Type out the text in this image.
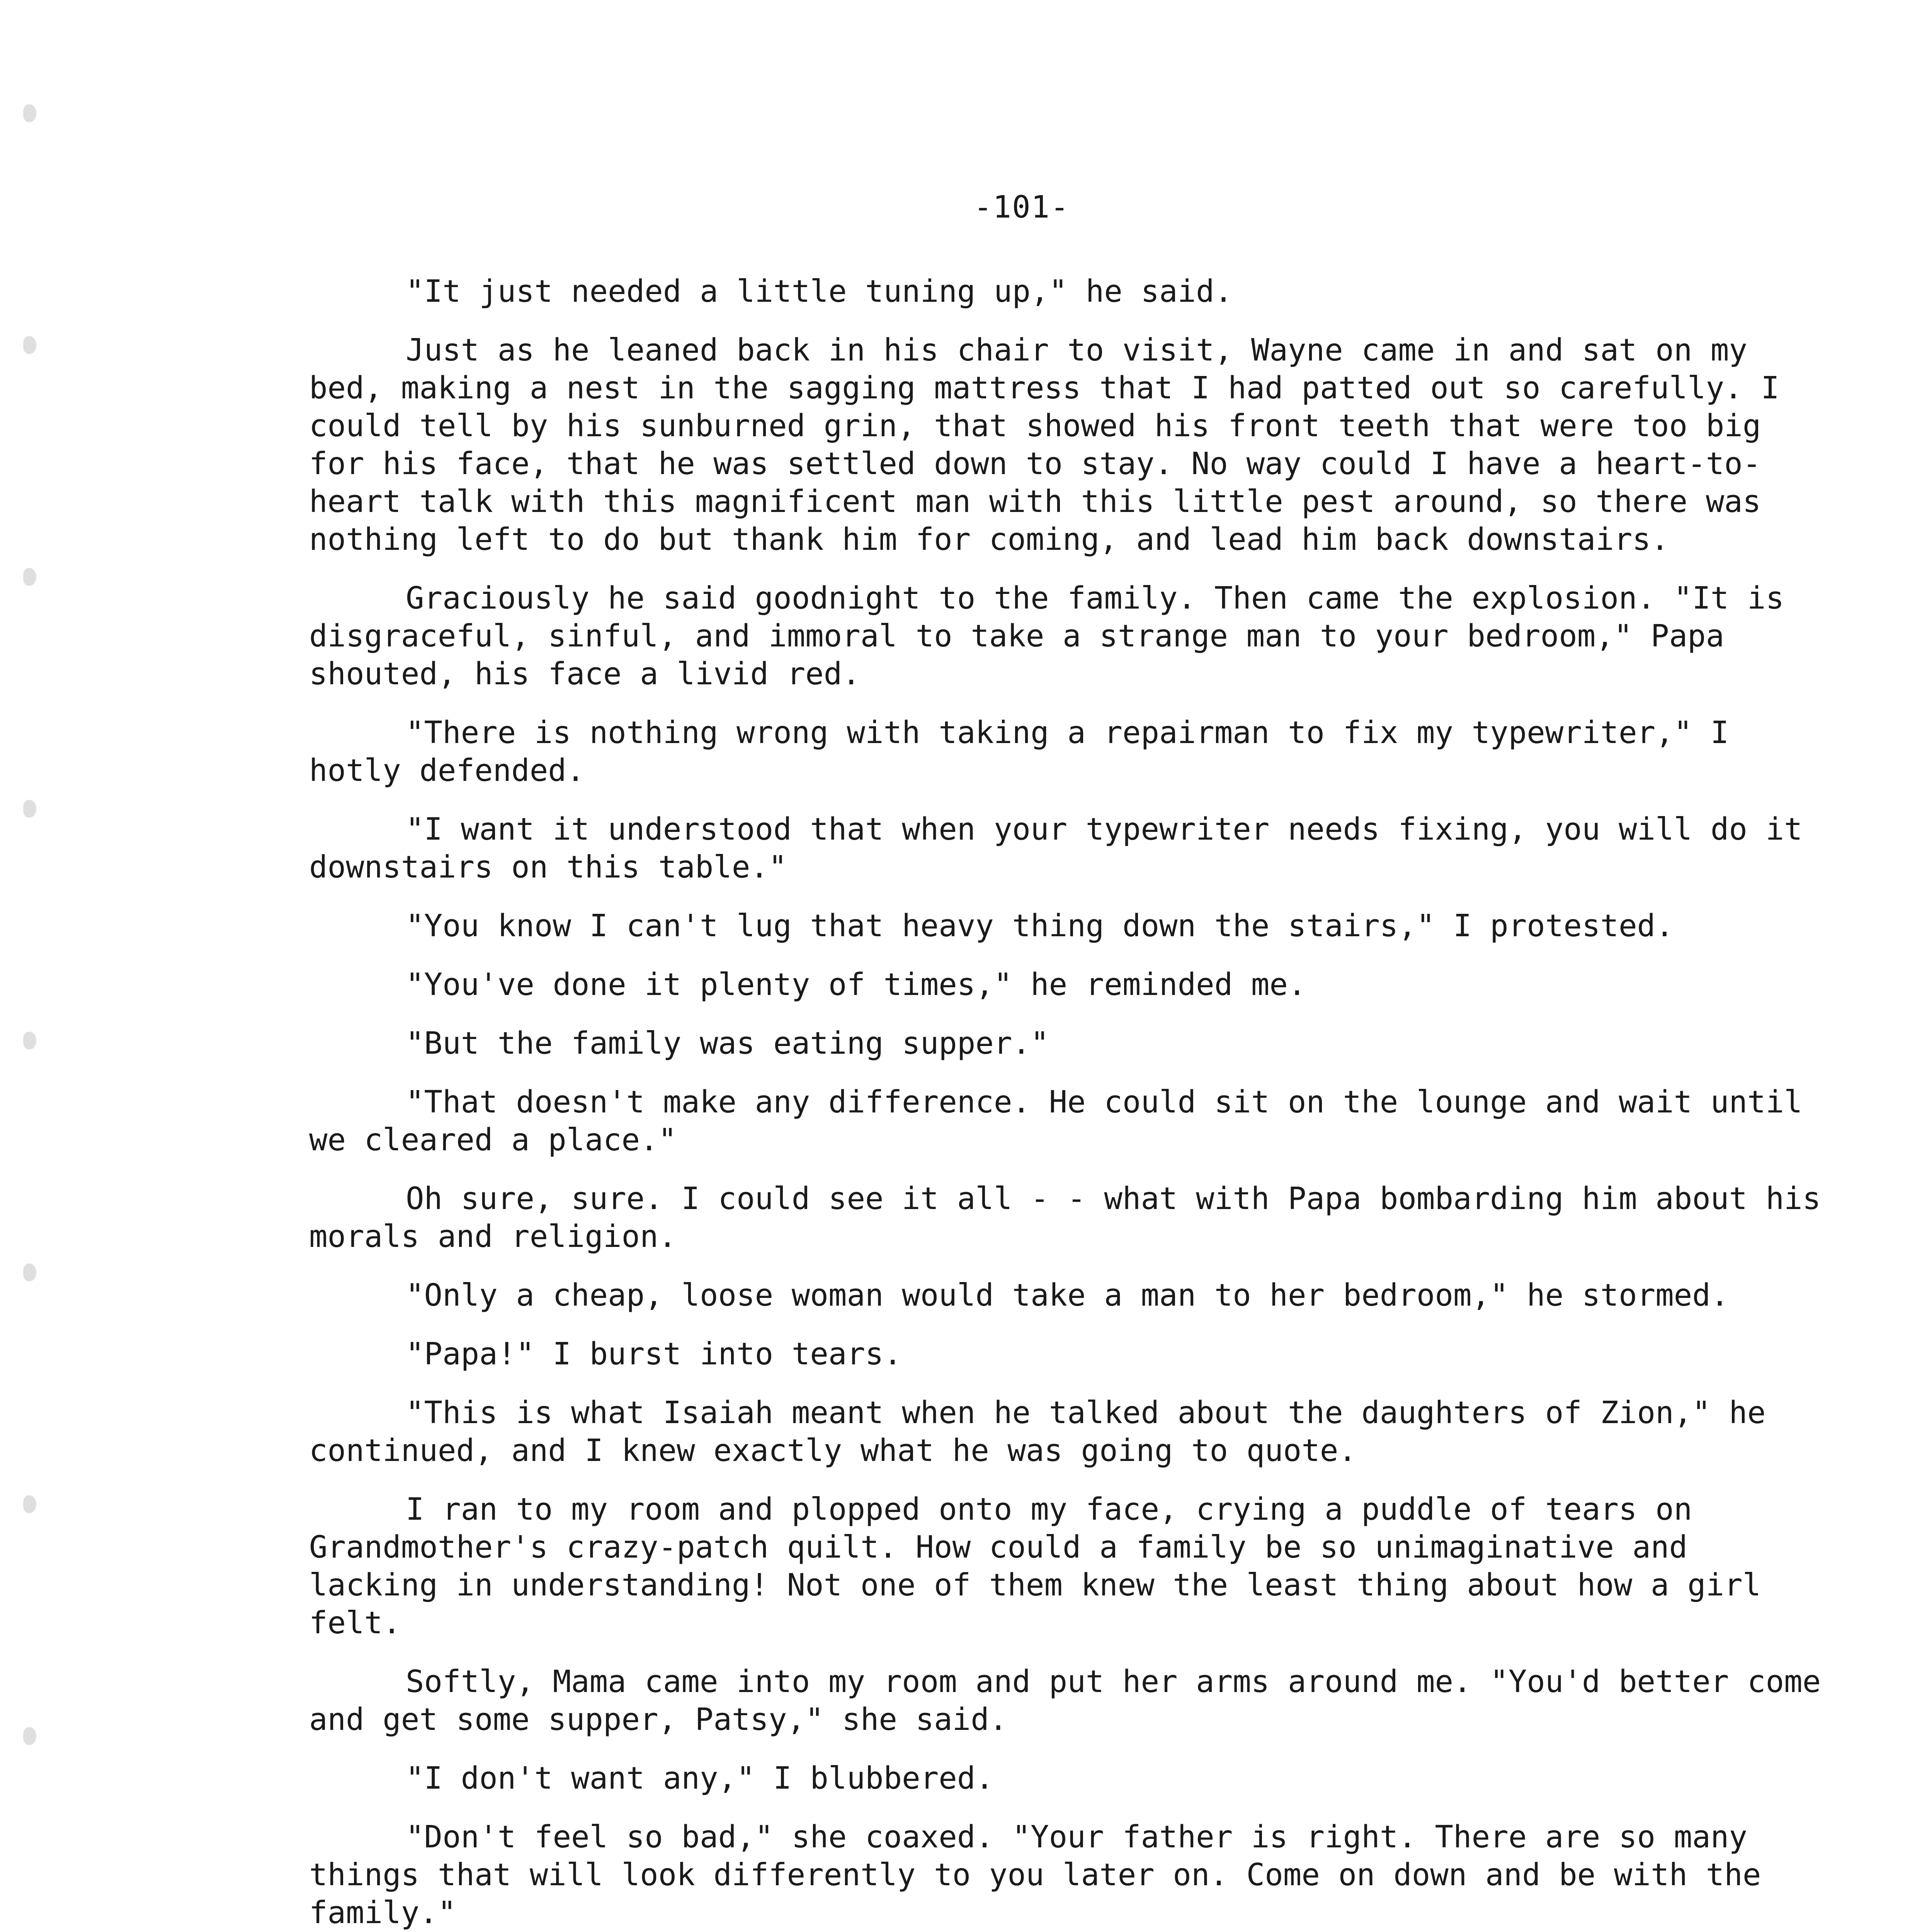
-101-

"It just needed a little tuning up," he said.

Just as he leaned back in his chair to visit, Wayne came in and sat on my bed, making a nest in the sagging mattress that I had patted out so carefully. I could tell by his sunburned grin, that showed his front teeth that were too big for his face, that he was settled down to stay. No way could I have a heart-to-heart talk with this magnificent man with this little pest around, so there was nothing left to do but thank him for coming, and lead him back downstairs.

Graciously he said goodnight to the family. Then came the explosion. "It is disgraceful, sinful, and immoral to take a strange man to your bedroom," Papa shouted, his face a livid red.

"There is nothing wrong with taking a repairman to fix my typewriter," I hotly defended.

"I want it understood that when your typewriter needs fixing, you will do it downstairs on this table."

"You know I can't lug that heavy thing down the stairs," I protested.

"You've done it plenty of times," he reminded me.

"But the family was eating supper."

"That doesn't make any difference. He could sit on the lounge and wait until we cleared a place."

Oh sure, sure. I could see it all - - what with Papa bombarding him about his morals and religion.

"Only a cheap, loose woman would take a man to her bedroom," he stormed.

"Papa!" I burst into tears.

"This is what Isaiah meant when he talked about the daughters of Zion," he continued, and I knew exactly what he was going to quote.

I ran to my room and plopped onto my face, crying a puddle of tears on Grandmother's crazy-patch quilt. How could a family be so unimaginative and lacking in understanding! Not one of them knew the least thing about how a girl felt.

Softly, Mama came into my room and put her arms around me. "You'd better come and get some supper, Patsy," she said.

"I don't want any," I blubbered.

"Don't feel so bad," she coaxed. "Your father is right. There are so many things that will look differently to you later on. Come on down and be with the family."
